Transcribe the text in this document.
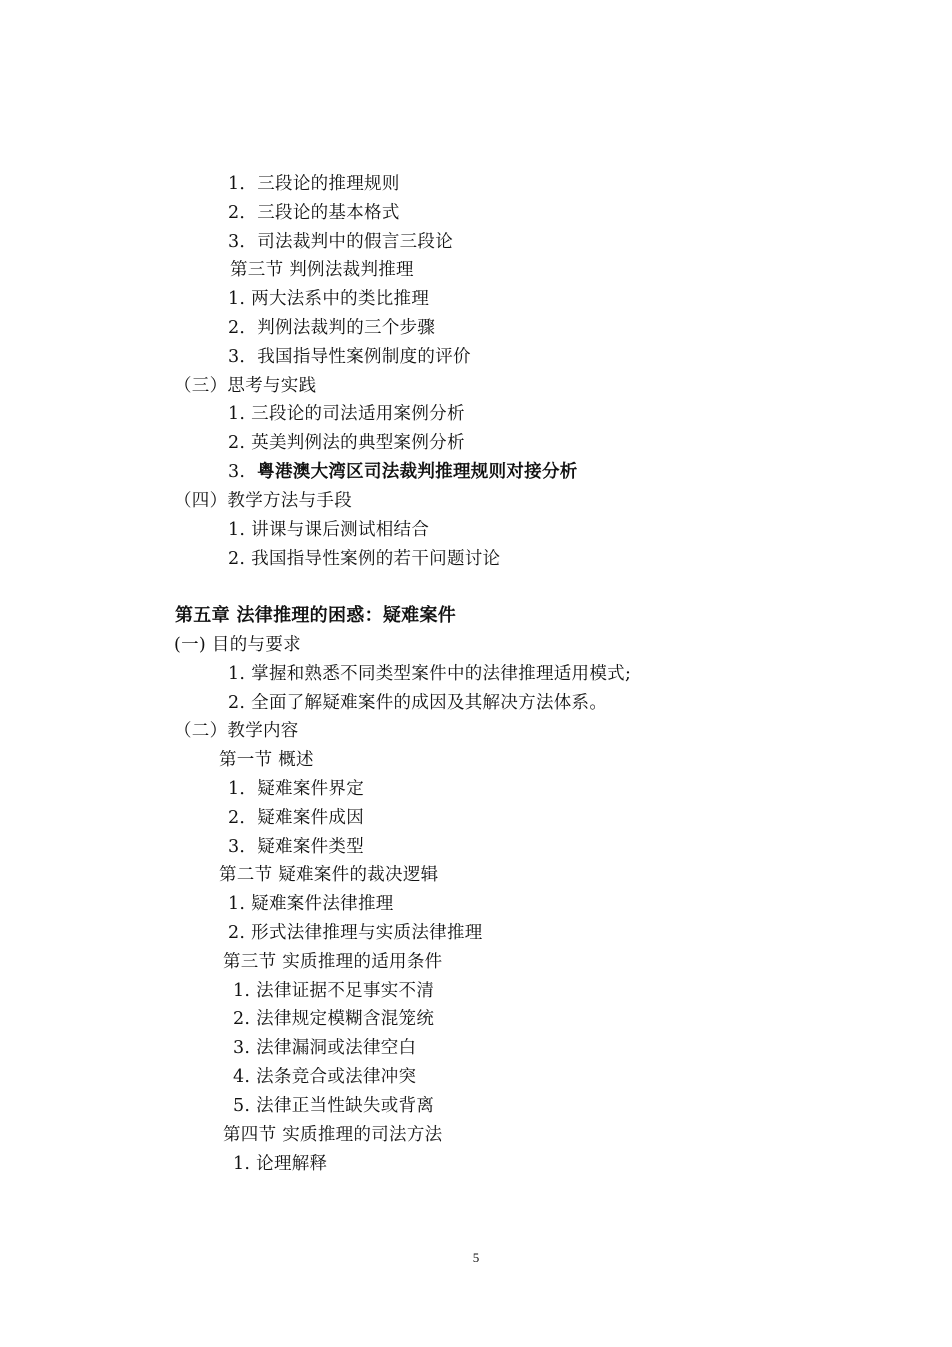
1．三段论的推理规则
2．三段论的基本格式
3．司法裁判中的假言三段论
第三节 判例法裁判推理
1. 两大法系中的类比推理
2．判例法裁判的三个步骤
3．我国指导性案例制度的评价
（三）思考与实践
1. 三段论的司法适用案例分析
2. 英美判例法的典型案例分析
3. 粤港澳大湾区司法裁判推理规则对接分析
（四）教学方法与手段
1. 讲课与课后测试相结合
2. 我国指导性案例的若干问题讨论
第五章 法律推理的困惑：疑难案件
(一) 目的与要求
1. 掌握和熟悉不同类型案件中的法律推理适用模式;
2. 全面了解疑难案件的成因及其解决方法体系。
（二）教学内容
第一节 概述
1．疑难案件界定
2．疑难案件成因
3．疑难案件类型
第二节 疑难案件的裁决逻辑
1. 疑难案件法律推理
2. 形式法律推理与实质法律推理
第三节 实质推理的适用条件
1. 法律证据不足事实不清
2. 法律规定模糊含混笼统
3. 法律漏洞或法律空白
4. 法条竞合或法律冲突
5. 法律正当性缺失或背离
第四节 实质推理的司法方法
1. 论理解释
5
